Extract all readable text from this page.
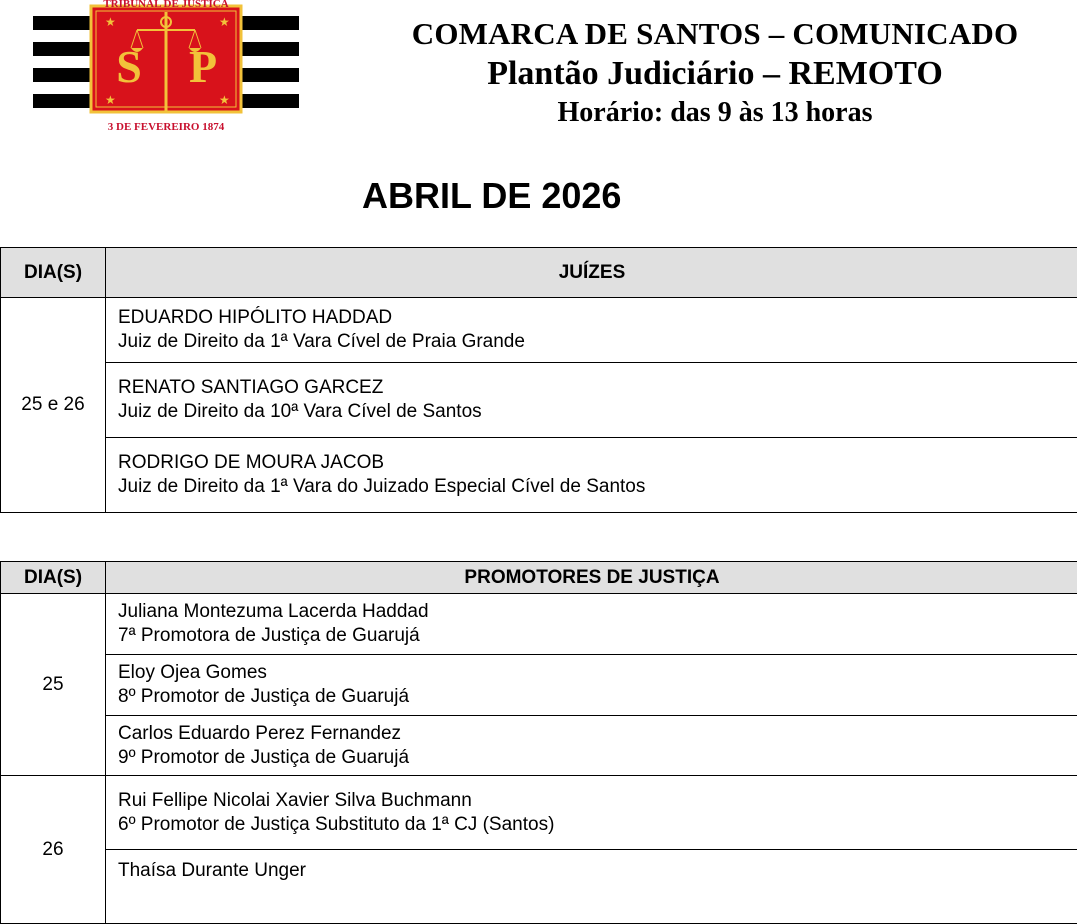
S P
★	★
★	★
TRIBUNAL DE JUSTIÇA
3 DE FEVEREIRO 1874
COMARCA DE SANTOS – COMUNICADO
Plantão Judiciário – REMOTO
Horário: das 9 às 13 horas
ABRIL DE 2026
DIA(S)	JUÍZES
25 e 26	EDUARDO HIPÓLITO HADDAD
Juiz de Direito da 1ª Vara Cível de Praia Grande

	RENATO SANTIAGO GARCEZ
Juiz de Direito da 10ª Vara Cível de Santos

	RODRIGO DE MOURA JACOB
Juiz de Direito da 1ª Vara do Juizado Especial Cível de Santos
DIA(S)	PROMOTORES DE JUSTIÇA
25	Juliana Montezuma Lacerda Haddad
7ª Promotora de Justiça de Guarujá

	Eloy Ojea Gomes
8º Promotor de Justiça de Guarujá

	Carlos Eduardo Perez Fernandez
9º Promotor de Justiça de Guarujá

26	Rui Fellipe Nicolai Xavier Silva Buchmann
6º Promotor de Justiça Substituto da 1ª CJ (Santos)

	Thaísa Durante Unger
